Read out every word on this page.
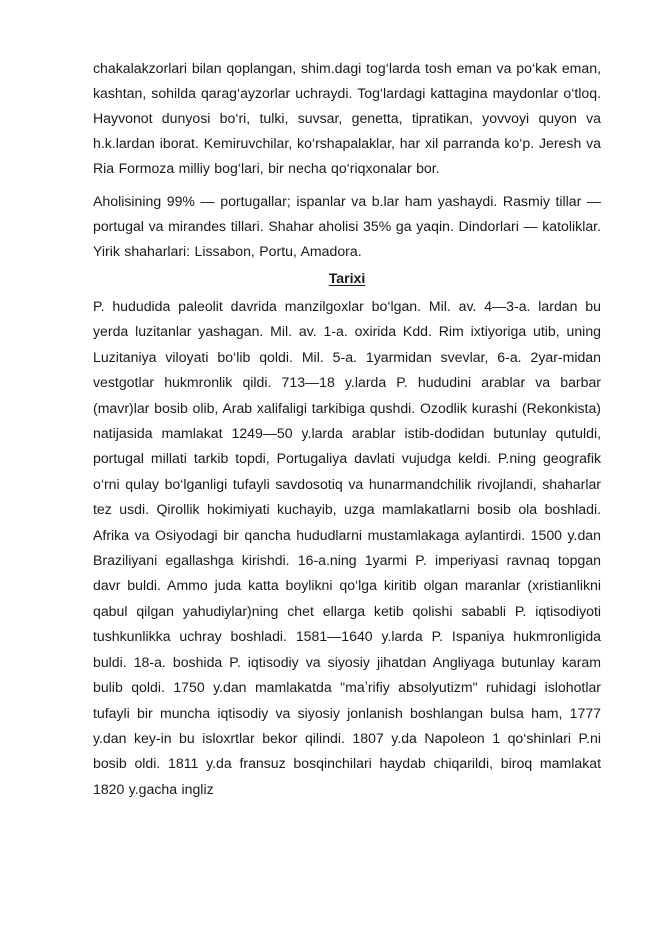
chakalakzorlari bilan qoplangan, shim.dagi tog‘larda tosh eman va po‘kak eman, kashtan, sohilda qarag‘ayzorlar uchraydi. Tog‘lardagi kattagina maydonlar o‘tloq. Hayvonot dunyosi bo‘ri, tulki, suvsar, genetta, tipratikan, yovvoyi quyon va h.k.lardan iborat. Kemiruvchilar, ko‘rshapalaklar, har xil parranda ko‘p. Jeresh va Ria Formoza milliy bog‘lari, bir necha qo‘riqxonalar bor.

Aholisining 99% — portugallar; ispanlar va b.lar ham yashaydi. Rasmiy tillar — portugal va mirandes tillari. Shahar aholisi 35% ga yaqin. Dindorlari — katoliklar. Yirik shaharlari: Lissabon, Portu, Amadora.

Tarixi

P. hududida paleolit davrida manzilgoxlar bo‘lgan. Mil. av. 4—3-a. lardan bu yerda luzitanlar yashagan. Mil. av. 1-a. oxirida Kdd. Rim ixtiyoriga utib, uning Luzitaniya viloyati bo‘lib qoldi. Mil. 5-a. 1yarmidan svevlar, 6-a. 2yar-midan vestgotlar hukmronlik qildi. 713—18 y.larda P. hududini arablar va barbar (mavr)lar bosib olib, Arab xalifaligi tarkibiga qushdi. Ozodlik kurashi (Rekonkista) natijasida mamlakat 1249—50 y.larda arablar istib-dodidan butunlay qutuldi, portugal millati tarkib topdi, Portugaliya davlati vujudga keldi. P.ning geografik o‘rni qulay bo‘lganligi tufayli savdosotiq va hunarmandchilik rivojlandi, shaharlar tez usdi. Qirollik hokimiyati kuchayib, uzga mamlakatlarni bosib ola boshladi. Afrika va Osiyodagi bir qancha hududlarni mustamlakaga aylantirdi. 1500 y.dan Braziliyani egallashga kirishdi. 16-a.ning 1yarmi P. imperiyasi ravnaq topgan davr buldi. Ammo juda katta boylikni qo‘lga kiritib olgan maranlar (xristianlikni qabul qilgan yahudiylar)ning chet ellarga ketib qolishi sababli P. iqtisodiyoti tushkunlikka uchray boshladi. 1581—1640 y.larda P. Ispaniya hukmronligida buldi. 18-a. boshida P. iqtisodiy va siyosiy jihatdan Angliyaga butunlay karam bulib qoldi. 1750 y.dan mamlakatda "maʼrifiy absolyutizm" ruhidagi islohotlar tufayli bir muncha iqtisodiy va siyosiy jonlanish boshlangan bulsa ham, 1777 y.dan key-in bu isloxrtlar bekor qilindi. 1807 y.da Napoleon 1 qo‘shinlari P.ni bosib oldi. 1811 y.da fransuz bosqinchilari haydab chiqarildi, biroq mamlakat 1820 y.gacha ingliz
